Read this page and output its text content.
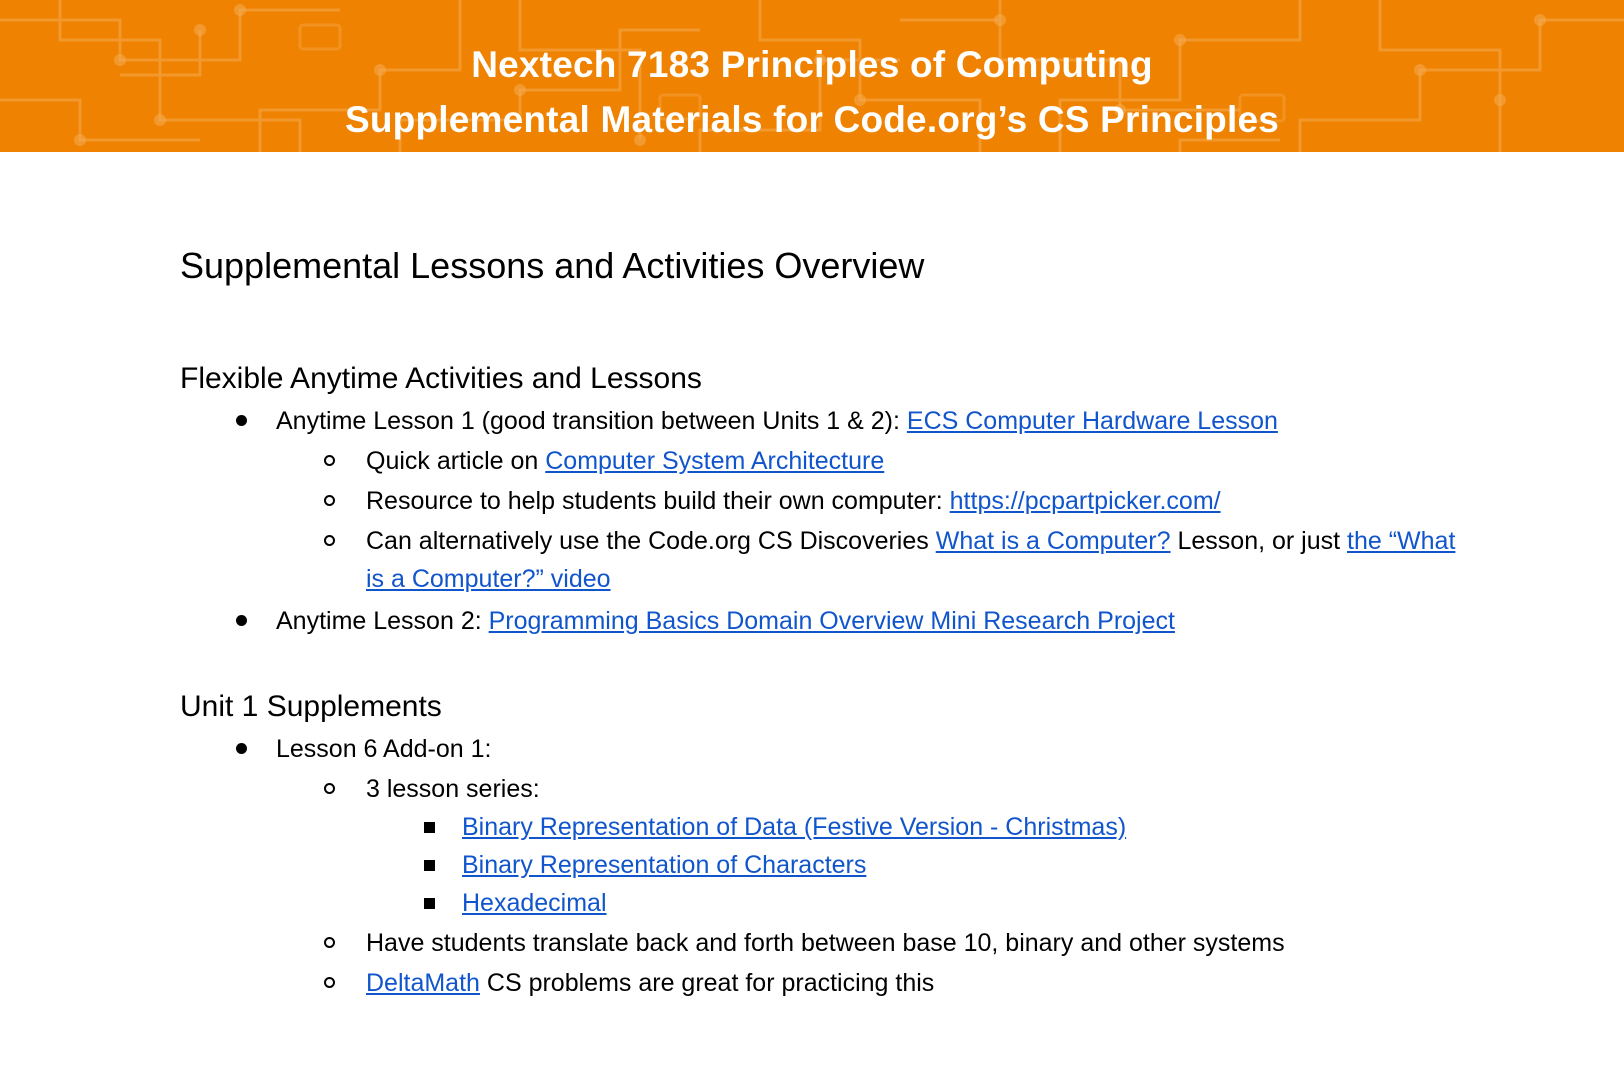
Nextech 7183 Principles of Computing
Supplemental Materials for Code.org’s CS Principles
Supplemental Lessons and Activities Overview
Flexible Anytime Activities and Lessons
Anytime Lesson 1 (good transition between Units 1 & 2): ECS Computer Hardware Lesson
Quick article on Computer System Architecture
Resource to help students build their own computer: https://pcpartpicker.com/
Can alternatively use the Code.org CS Discoveries What is a Computer? Lesson, or just the “What is a Computer?” video
Anytime Lesson 2: Programming Basics Domain Overview Mini Research Project
Unit 1 Supplements
Lesson 6 Add-on 1:
3 lesson series:
Binary Representation of Data (Festive Version - Christmas)
Binary Representation of Characters
Hexadecimal
Have students translate back and forth between base 10, binary and other systems
DeltaMath CS problems are great for practicing this
